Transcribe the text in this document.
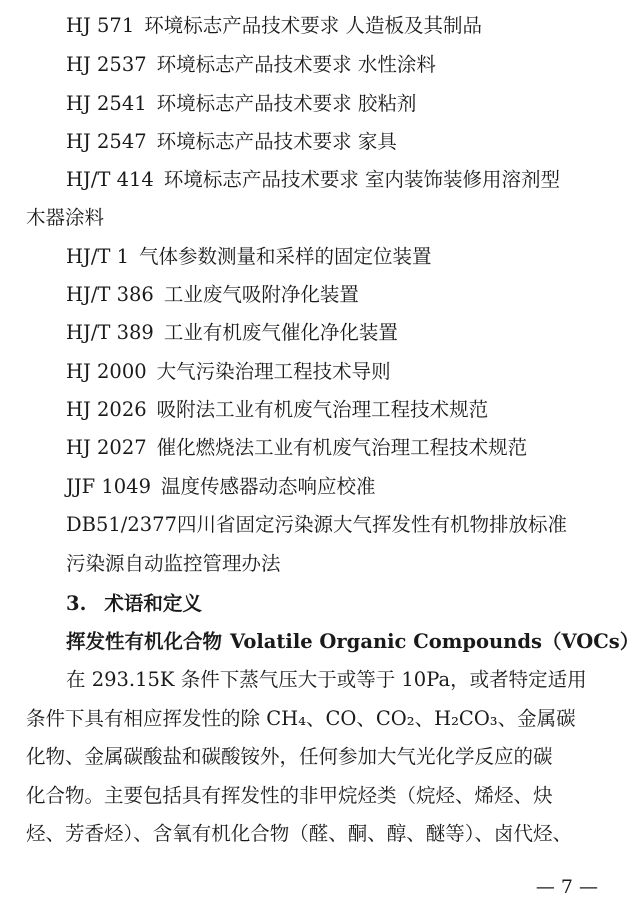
HJ 571 环境标志产品技术要求 人造板及其制品
HJ 2537 环境标志产品技术要求 水性涂料
HJ 2541 环境标志产品技术要求 胶粘剂
HJ 2547 环境标志产品技术要求 家具
HJ/T 414 环境标志产品技术要求 室内装饰装修用溶剂型
木器涂料
HJ/T 1 气体参数测量和采样的固定位装置
HJ/T 386 工业废气吸附净化装置
HJ/T 389 工业有机废气催化净化装置
HJ 2000 大气污染治理工程技术导则
HJ 2026 吸附法工业有机废气治理工程技术规范
HJ 2027 催化燃烧法工业有机废气治理工程技术规范
JJF 1049 温度传感器动态响应校准
DB51/2377四川省固定污染源大气挥发性有机物排放标准
污染源自动监控管理办法
3. 术语和定义
挥发性有机化合物 Volatile Organic Compounds（VOCs）
在 293.15K 条件下蒸气压大于或等于 10Pa，或者特定适用
条件下具有相应挥发性的除 CH₄、CO、CO₂、H₂CO₃、金属碳
化物、金属碳酸盐和碳酸铵外，任何参加大气光化学反应的碳
化合物。主要包括具有挥发性的非甲烷烃类（烷烃、烯烃、炔
烃、芳香烃）、含氧有机化合物（醛、酮、醇、醚等）、卤代烃、
— 7 —
